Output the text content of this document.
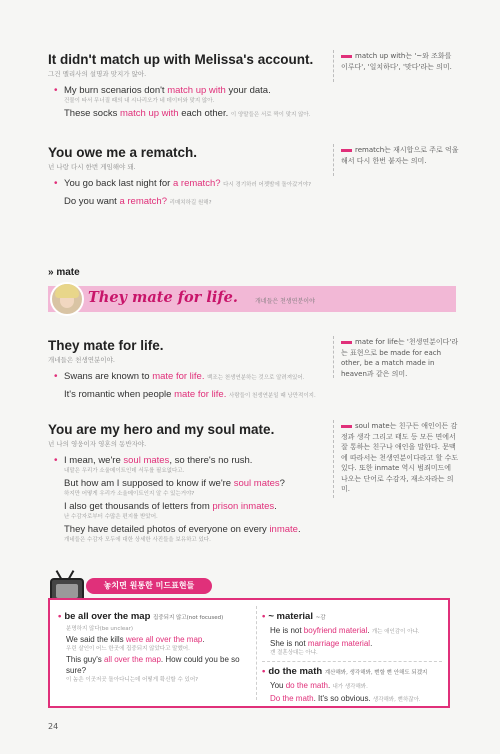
It didn't match up with Melissa's account.

그건 멜리사의 설명과 맞지가 않아.
• My burn scenarios don't match up with your data.
건물이 타서 무너질 때의 내 시나리오가 네 데이터와 맞지 않아.
These socks match up with each other. 이 양말들은 서로 짝이 맞지 않아.

You owe me a rematch.

넌 나랑 다시 한번 게임해야 돼.
• You go back last night for a rematch? 다시 경기하러 어젯밤에 돌아갔거야?
Do you want a rematch? 리매치하길 원해?
match up with는 '~와 조화를 이루다', '일치하다', '맞다'라는 의미.
rematch는 재시합으로 주로 억울해서 다시 한번 붙자는 의미.
» mate
They mate for life.	개네들은 천생연분이야

They mate for life.

개네들은 천생연분이야.
• Swans are known to mate for life. 백조는 천생연분하는 것으로 알려져있어.
It's romantic when people mate for life. 사람들이 천생연분일 때 낭만적이지.
mate for life는 '천생연분이다'라는 표현으로 be made for each other, be a match made in heaven과 같은 의미.

You are my hero and my soul mate.

넌 나의 영웅이자 영혼의 동반자야.
• I mean, we're soul mates, so there's no rush.
내말은 우리가 소울메이트인데 서두를 필요없다고.
But how am I supposed to know if we're soul mates?
하지만 어떻게 우리가 소울메이트인지 알 수 있는거야?
I also get thousands of letters from prison inmates.
난 수감자로부터 수많은 편지를 받았어.
They have detailed photos of everyone on every inmate.
개네들은 수감자 모두에 대한 상세한 사진들을 보유하고 있다.
soul mate는 친구든 애인이든 감정과 생각 그리고 태도 등 모든 면에서 잘 통하는 친구나 애인을 말한다. 문맥에 따라서는 천생연분이다라고 할 수도 있다. 또한 inmate 역시 범죄미드에 나오는 단어로 수감자, 재소자라는 의미.
놓치면 원통한 미드표현들
• be all over the map 집중되지 않고(not focused)
분명하지 않다(be unclear)
We said the kills were all over the map.
우린 살인이 어느 한곳에 집중되지 않았다고 말했어.
This guy's all over the map. How could you be so sure?
이 놈은 이곳저곳 돌아다니는데 어떻게 확신할 수 있어?
• ~ material ~감
He is not boyfriend material. 개는 애인감이 아냐.
She is not marriage material.
걘 결혼상대는 아냐.
• do the math 계산해봐, 생각해봐, 뻔할 뻔 안해도 되겠지
You do the math. 내가 생각해봐.
Do the math. It's so obvious. 생각해봐, 뻔하잖아.
24
